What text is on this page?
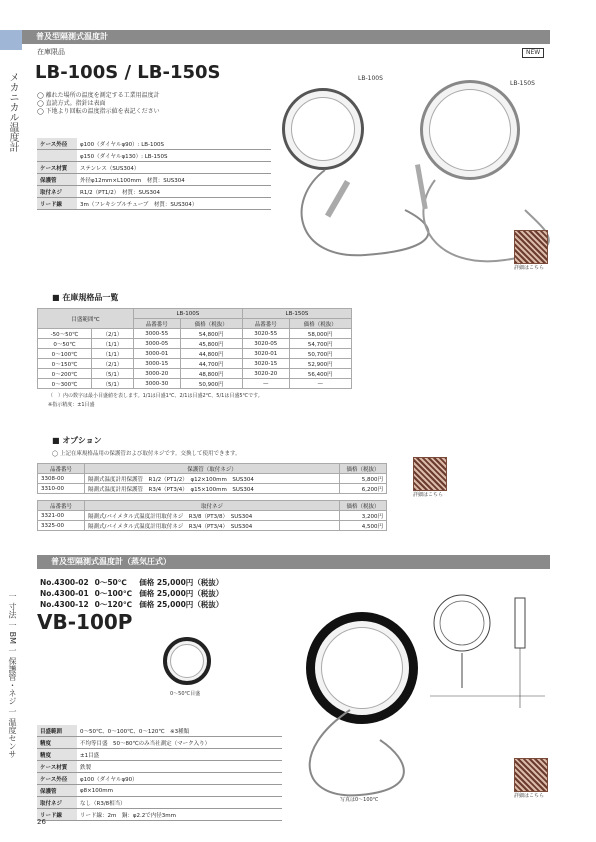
普及型隔測式温度計
メカニカル温度計
一 寸法 一 BM 一 保護管・ネジ 一 温度センサ
在庫限品	NEW
LB-100S / LB-150S
◯ 離れた場所の温度を測定する工業用温度計
◯ 直読方式。指針は表面
◯ 下地より回転の温度指示値を表記ください
ケース外径	φ100（ダイヤルφ90）: LB-100S
	φ150（ダイヤルφ130）: LB-150S
ケース材質	ステンレス（SUS304）
保護管	外径φ12mm×L100mm　材質：SUS304
取付ネジ	R1/2（PT1/2）　材質：SUS304
リード線	3m（フレキシブルチューブ　材質：SUS304）
LB-100S
LB-150S
詳細はこちら
■ 在庫規格品一覧
目盛範囲℃		LB-100S		LB-150S	
		品番番号	価格（税抜）	品番番号	価格（税抜）
-50〜50℃	（2/1）	3000-55	54,800円	3020-55	58,000円
0〜50℃	（1/1）	3000-05	45,800円	3020-05	54,700円
0〜100℃	（1/1）	3000-01	44,800円	3020-01	50,700円
0〜150℃	（2/1）	3000-15	44,700円	3020-15	52,900円
0〜200℃	（5/1）	3000-20	48,800円	3020-20	56,400円
0〜300℃	（5/1）	3000-30	50,900円	—	—
（　）内の数字は最小目盛値を表します。1/1は目盛1℃、2/1は目盛2℃、5/1は目盛5℃です。
※指示精度：±1目盛
■ オプション
◯ 上記在庫規格品用の保護管および取付ネジです。交換して使用できます。
品番番号	保護管（取付ネジ）	価格（税抜）
3308-00	隔測式温度計用保護管　R1/2（PT1/2）　φ12×100mm　SUS304	5,800円
3310-00	隔測式温度計用保護管　R3/4（PT3/4）　φ15×100mm　SUS304	6,200円
品番番号	取付ネジ	価格（税抜）
3321-00	隔測式/バイメタル式温度計用取付ネジ　R3/8（PT3/8）　SUS304	3,200円
3325-00	隔測式/バイメタル式温度計用取付ネジ　R3/4（PT3/4）　SUS304	4,500円
詳細はこちら
普及型隔測式温度計（蒸気圧式）
No.4300-02 0〜50℃ 価格 25,000円（税抜）
No.4300-01 0〜100℃ 価格 25,000円（税抜）
No.4300-12 0〜120℃ 価格 25,000円（税抜）
VB-100P
0〜50℃目盛
写真は0〜100℃
目盛範囲	0〜50℃、0〜100℃、0〜120℃　※3種類
精度	不均等目盛　50〜80℃のみ当社測定（マーク入り）
精度	±1目盛
ケース材質	鉄製
ケース外径	φ100（ダイヤルφ90）
保護管	φ8×100mm
取付ネジ	なし（R3/8相当）
リード線	リード線：2m　銅：φ2.2で内径3mm
詳細はこちら
26
